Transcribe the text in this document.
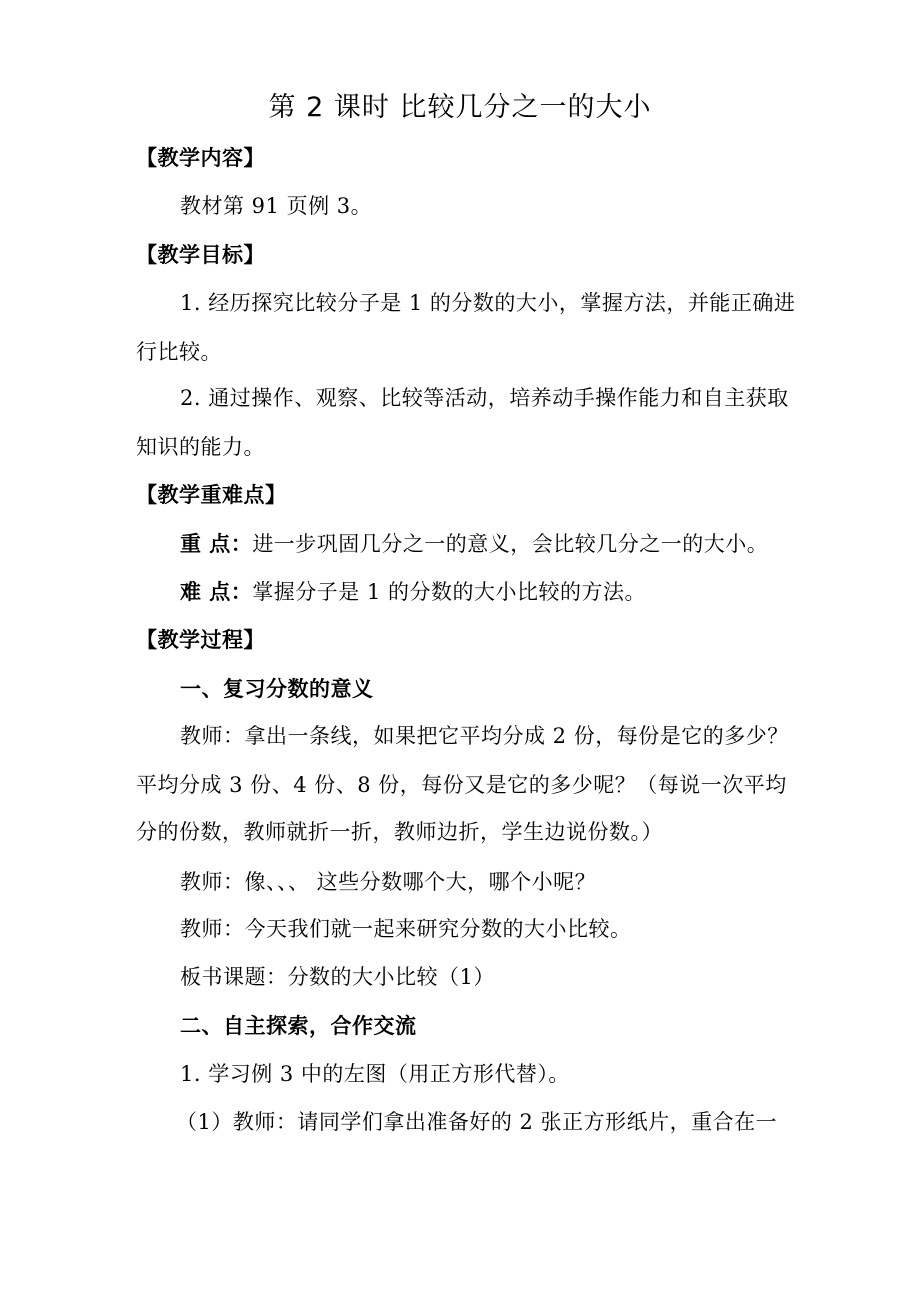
第 2 课时 比较几分之一的大小
【教学内容】
教材第 91 页例 3。
【教学目标】
1. 经历探究比较分子是 1 的分数的大小，掌握方法，并能正确进
行比较。
2. 通过操作、观察、比较等活动，培养动手操作能力和自主获取
知识的能力。
【教学重难点】
重 点：进一步巩固几分之一的意义，会比较几分之一的大小。
难 点：掌握分子是 1 的分数的大小比较的方法。
【教学过程】
一、复习分数的意义
教师：拿出一条线，如果把它平均分成 2 份，每份是它的多少？
平均分成 3 份、4 份、8 份，每份又是它的多少呢？（每说一次平均
分的份数，教师就折一折，教师边折，学生边说份数。）
教师：像、、、 这些分数哪个大，哪个小呢？
教师：今天我们就一起来研究分数的大小比较。
板书课题：分数的大小比较（1）
二、自主探索，合作交流
1. 学习例 3 中的左图（用正方形代替）。
（1）教师：请同学们拿出准备好的 2 张正方形纸片，重合在一
